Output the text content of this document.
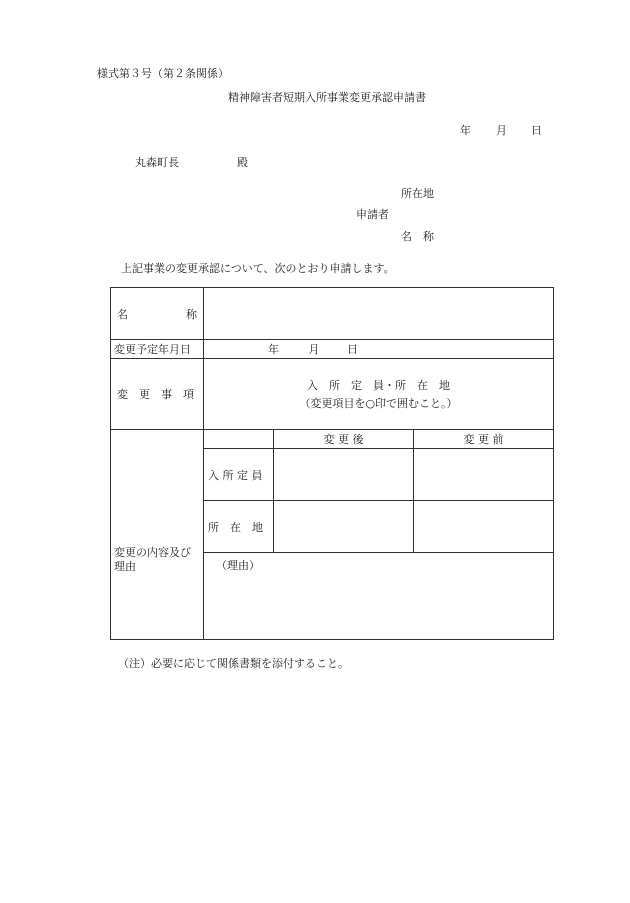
様式第３号（第２条関係）
精神障害者短期入所事業変更承認申請書
年 月 日
丸森町長	殿
所在地
申請者
名　称
上記事業の変更承認について、次のとおり申請します。
名 称			

変更予定年月日	年 月 日		
変　更　事　項	入　所　定　員・所　在　地
（変更項目を○印で囲むこと。）		

変更の内容及び理由		変 更 後	変 更 前
	入 所 定 員		
	所　在　地		
	（理由）		
（注）必要に応じて関係書類を添付すること。
